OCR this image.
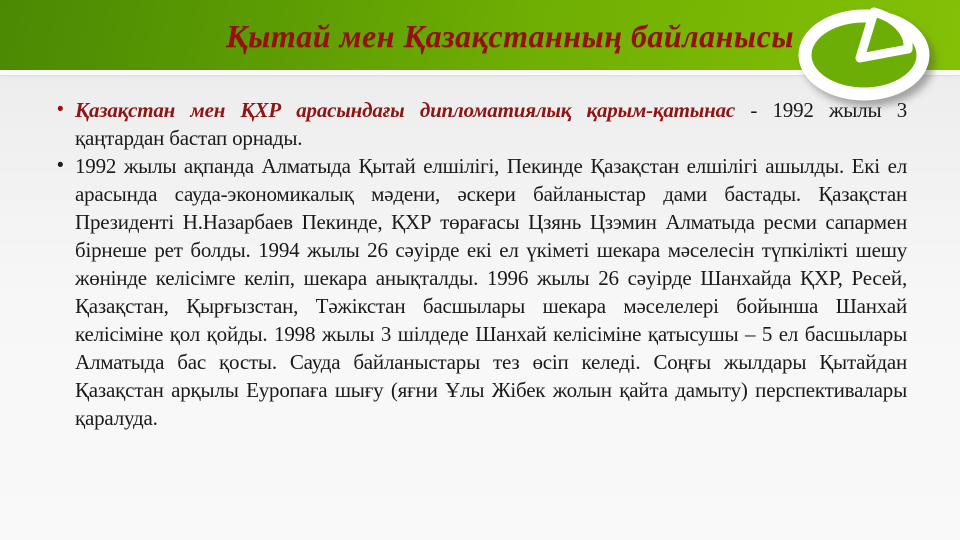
Қытай мен Қазақстанның байланысы
• Қазақстан мен ҚХР арасындағы дипломатиялық қарым-қатынас - 1992 жылы 3 қаңтардан бастап орнады.

• 1992 жылы ақпанда Алматыда Қытай елшілігі, Пекинде Қазақстан елшілігі ашылды. Екі ел арасында сауда-экономикалық мәдени, әскери байланыстар дами бастады. Қазақстан Президенті Н.Назарбаев Пекинде, ҚХР төрағасы Цзянь Цзэмин Алматыда ресми сапармен бірнеше рет болды. 1994 жылы 26 сәуірде екі ел үкіметі шекара мәселесін түпкілікті шешу жөнінде келісімге келіп, шекара анықталды. 1996 жылы 26 сәуірде Шанхайда ҚХР, Ресей, Қазақстан, Қырғызстан, Тәжікстан басшылары шекара мәселелері бойынша Шанхай келісіміне қол қойды. 1998 жылы 3 шілдеде Шанхай келісіміне қатысушы – 5 ел басшылары Алматыда бас қосты. Сауда байланыстары тез өсіп келеді. Соңғы жылдары Қытайдан Қазақстан арқылы Еуропаға шығу (яғни Ұлы Жібек жолын қайта дамыту) перспективалары қаралуда.
